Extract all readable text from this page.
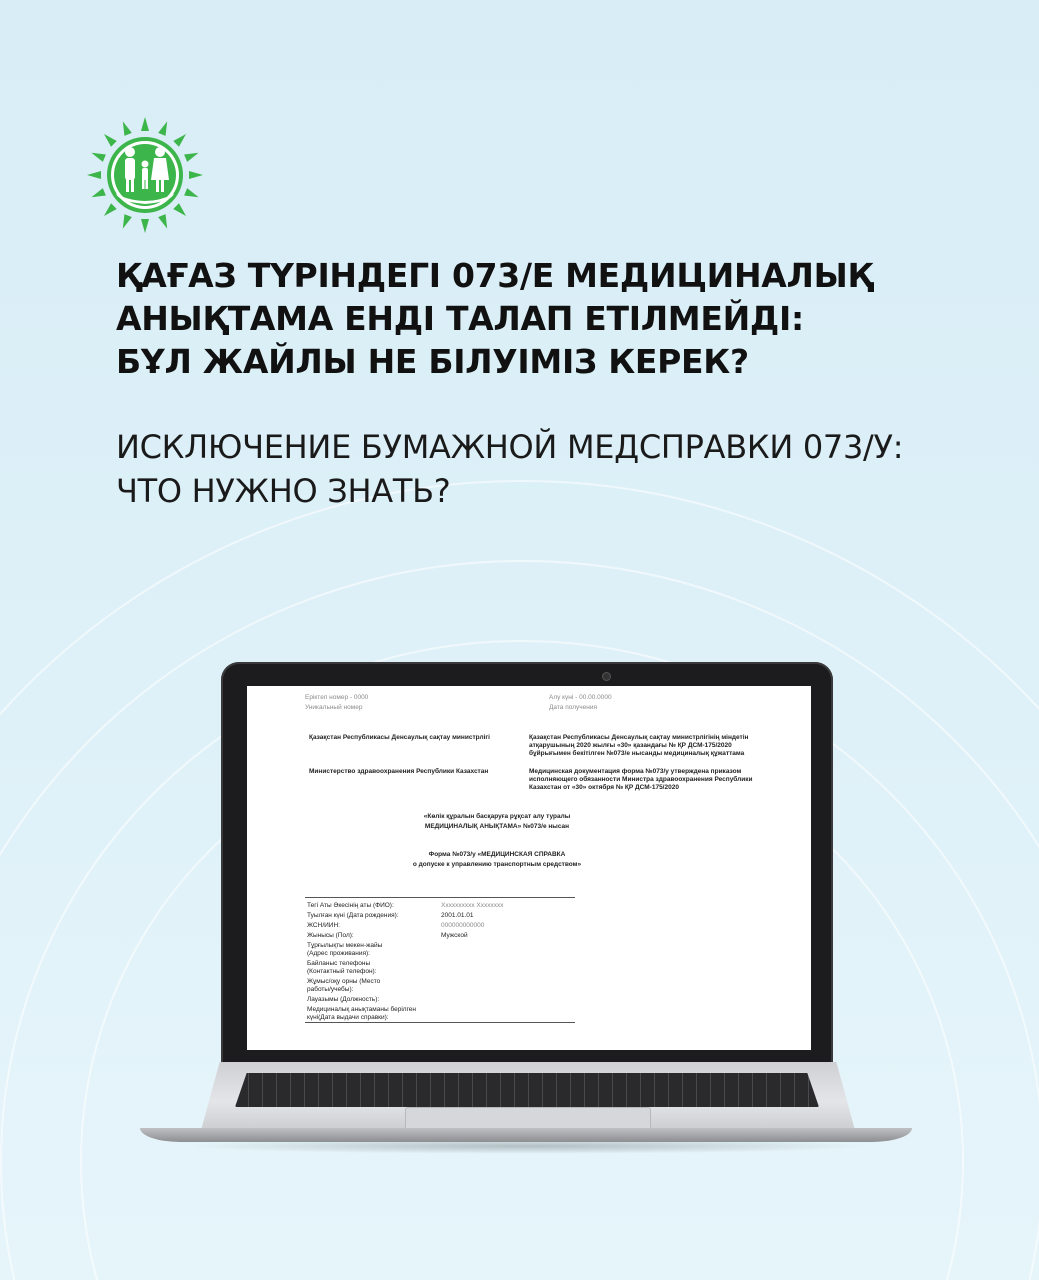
ҚАҒАЗ ТҮРІНДЕГІ 073/Е МЕДИЦИНАЛЫҚ
АНЫҚТАМА ЕНДІ ТАЛАП ЕТІЛМЕЙДІ:
БҰЛ ЖАЙЛЫ НЕ БІЛУІМІЗ КЕРЕК?
ИСКЛЮЧЕНИЕ БУМАЖНОЙ МЕДСПРАВКИ 073/У:
ЧТО НУЖНО ЗНАТЬ?
Еріктеп номер - 0000
Уникальный номер
Алу күні - 00.00.0000
Дата получения
Қазақстан Республикасы Денсаулық сақтау министрлігі
Министерство здравоохранения Республики Казахстан
Қазақстан Республикасы Денсаулық сақтау министрлігінің міндетін атқарушының 2020 жылғы «30» қазандағы № ҚР ДСМ-175/2020 бұйрығымен бекітілген №073/е нысанды медициналық құжаттама
Медицинская документация форма №073/у утверждена приказом исполняющего обязанности Министра здравоохранения Республики Казахстан от «30» октября № ҚР ДСМ-175/2020
«Көлік құралын басқаруға рұқсат алу туралы
МЕДИЦИНАЛЫҚ АНЫҚТАМА» №073/е нысан
Форма №073/у «МЕДИЦИНСКАЯ СПРАВКА
о допуске к управлению транспортным средством»
Тегі Аты Әкесінің аты (ФИО):	Xxxxxxxxxx Xxxxxxxx
Туылған күні (Дата рождения):	2001.01.01
ЖСН/ИИН:	000000000000
Жынысы (Пол):	Мужской
Тұрғылықты мекен-жайы (Адрес проживания):
Байланыс телефоны (Контактный телефон):
Жұмыс/оқу орны (Место работы/учебы):
Лауазымы (Должность):
Медициналық анықтаманы берілген күні(Дата выдачи справки):
